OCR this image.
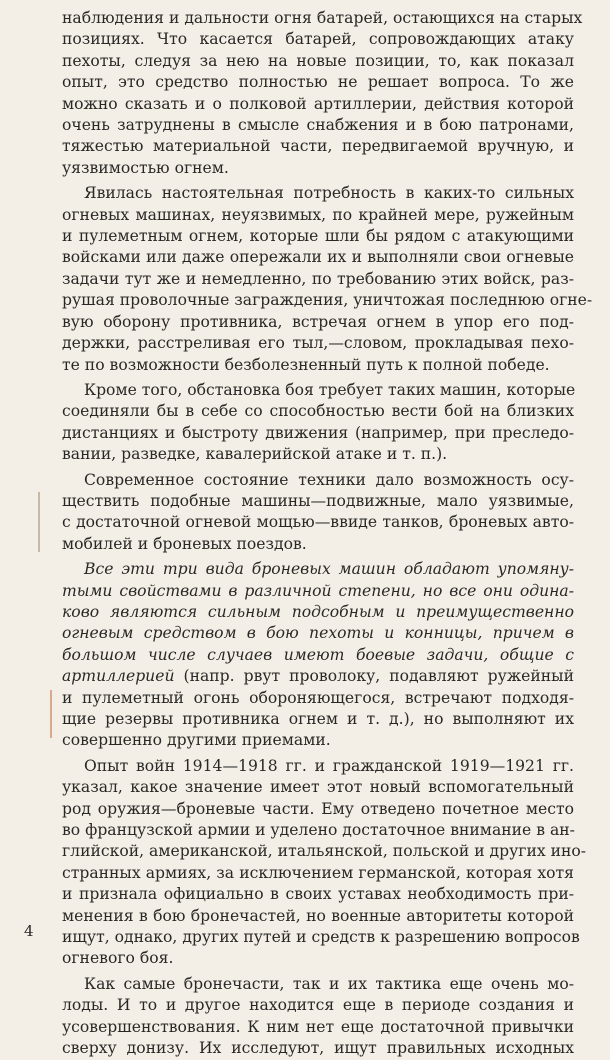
наблюдения и дальности огня батарей, остающихся на старых
позициях. Что касается батарей, сопровождающих атаку
пехоты, следуя за нею на новые позиции, то, как показал
опыт, это средство полностью не решает вопроса. То же
можно сказать и о полковой артиллерии, действия которой
очень затруднены в смысле снабжения и в бою патронами,
тяжестью материальной части, передвигаемой вручную, и
уязвимостью огнем.

Явилась настоятельная потребность в каких-то сильных
огневых машинах, неуязвимых, по крайней мере, ружейным
и пулеметным огнем, которые шли бы рядом с атакующими
войсками или даже опережали их и выполняли свои огневые
задачи тут же и немедленно, по требованию этих войск, раз-
рушая проволочные заграждения, уничтожая последнюю огне-
вую оборону противника, встречая огнем в упор его под-
держки, расстреливая его тыл,—словом, прокладывая пехо-
те по возможности безболезненный путь к полной победе.

Кроме того, обстановка боя требует таких машин, которые
соединяли бы в себе со способностью вести бой на близких
дистанциях и быстроту движения (например, при преследо-
вании, разведке, кавалерийской атаке и т. п.).

Современное состояние техники дало возможность осу-
ществить подобные машины—подвижные, мало уязвимые,
с достаточной огневой мощью—ввиде танков, броневых авто-
мобилей и броневых поездов.

Все эти три вида броневых машин обладают упомяну-
тыми свойствами в различной степени, но все они одина-
ково являются сильным подсобным и преимущественно
огневым средством в бою пехоты и конницы, причем в
большом числе случаев имеют боевые задачи, общие с
артиллерией (напр. рвут проволоку, подавляют ружейный
и пулеметный огонь обороняющегося, встречают подходя-
щие резервы противника огнем и т. д.), но выполняют их
совершенно другими приемами.

Опыт войн 1914—1918 гг. и гражданской 1919—1921 гг.
указал, какое значение имеет этот новый вспомогательный
род оружия—броневые части. Ему отведено почетное место
во французской армии и уделено достаточное внимание в ан-
глийской, американской, итальянской, польской и других ино-
странных армиях, за исключением германской, которая хотя
и признала официально в своих уставах необходимость при-
менения в бою бронечастей, но военные авторитеты которой
ищут, однако, других путей и средств к разрешению вопросов
огневого боя.

Как самые бронечасти, так и их тактика еще очень мо-
лоды. И то и другое находится еще в периоде создания и
усовершенствования. К ним нет еще достаточной привычки
сверху донизу. Их исследуют, ищут правильных исходных

4
